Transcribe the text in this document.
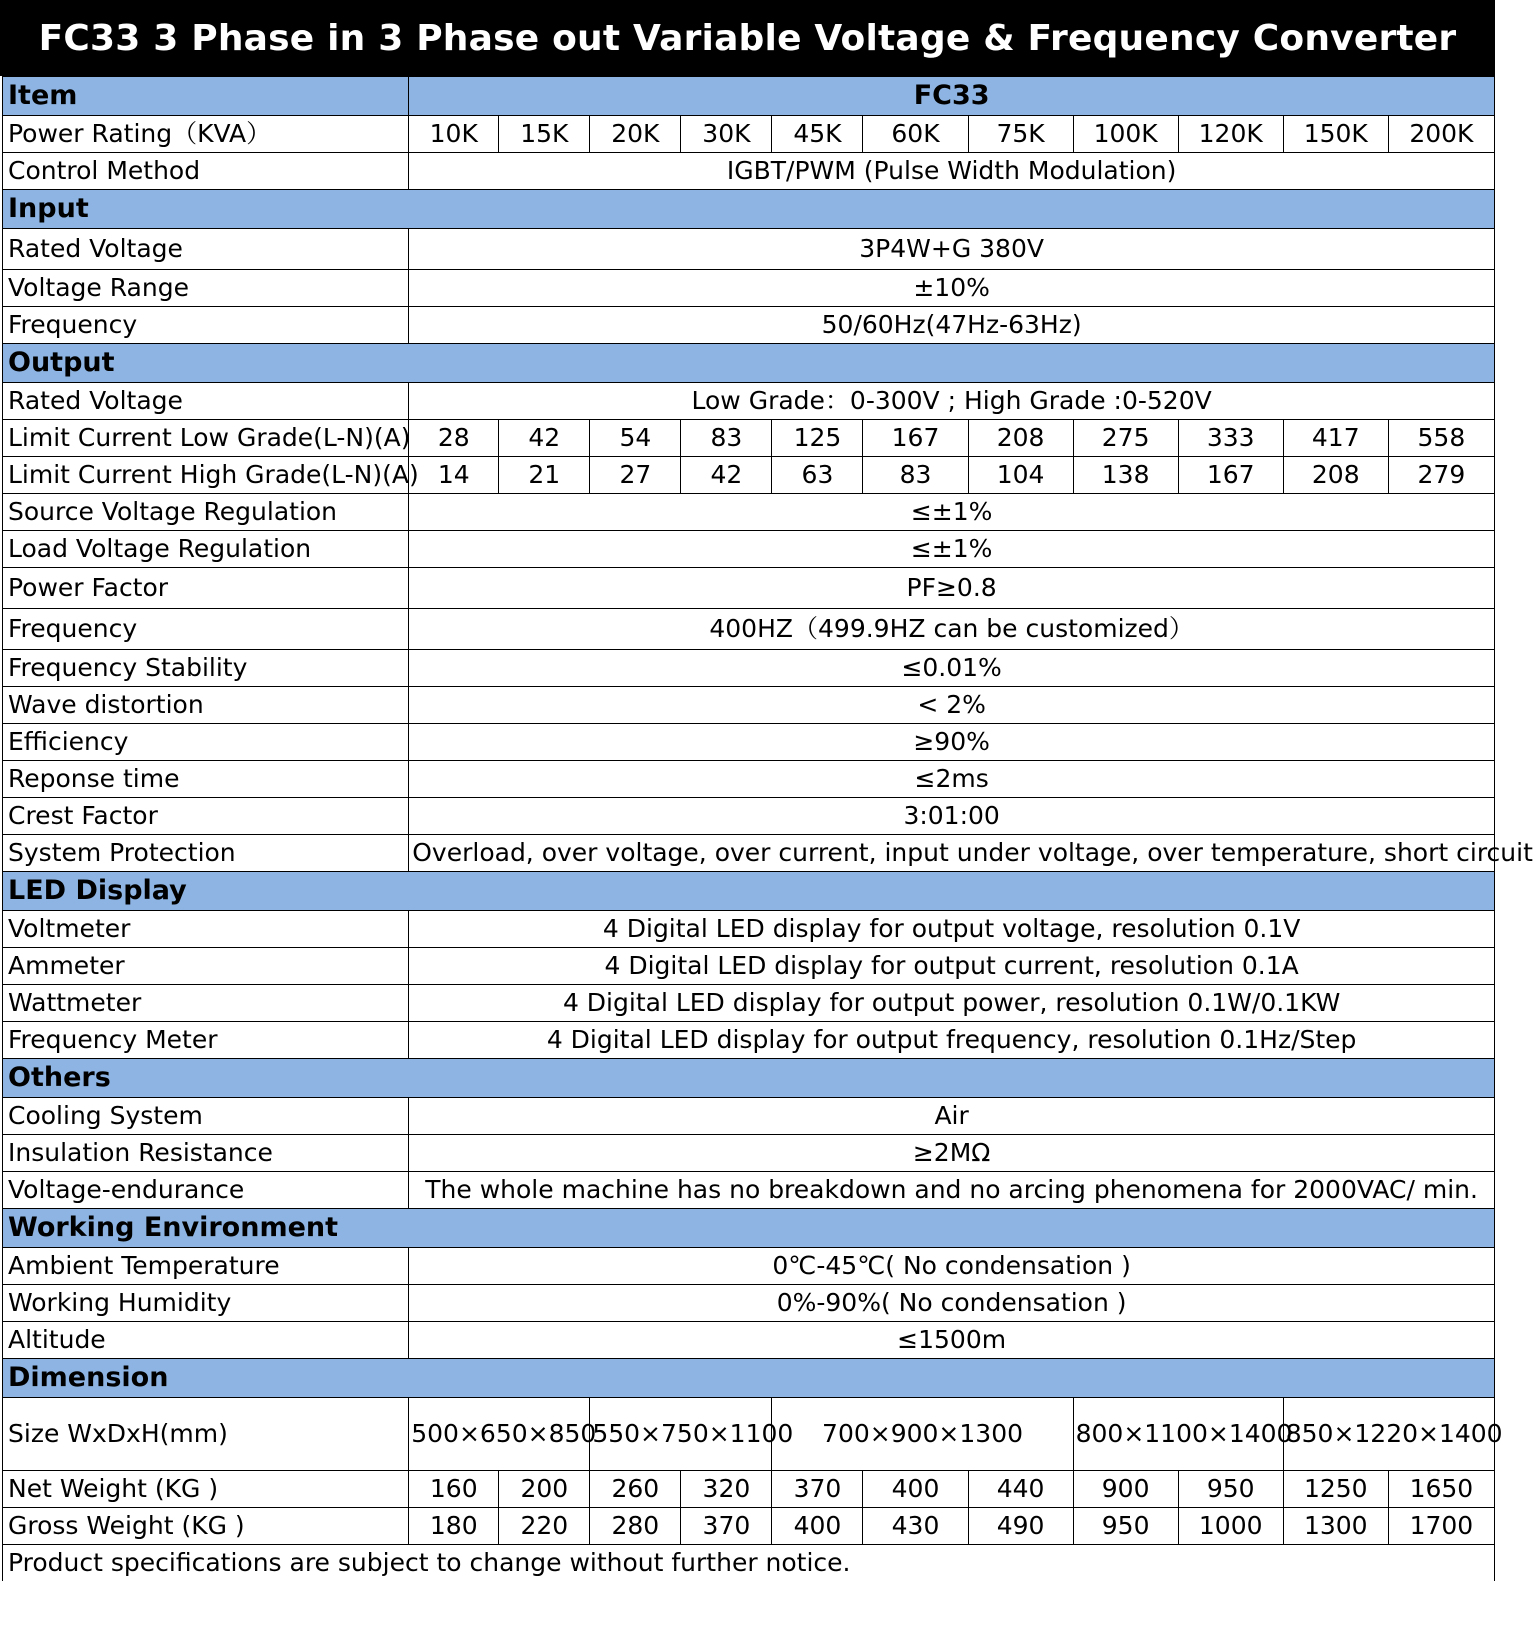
FC33 3 Phase in 3 Phase out Variable Voltage & Frequency Converter
Item	FC33										
Power Rating（KVA）	10K	15K	20K	30K	45K	60K	75K	100K	120K	150K	200K
Control Method	IGBT/PWM (Pulse Width Modulation)										
Input											
Rated Voltage	3P4W+G 380V										
Voltage Range	±10%										
Frequency	50/60Hz(47Hz-63Hz)										
Output											
Rated Voltage	Low Grade：0-300V ; High Grade :0-520V										
Limit Current Low Grade(L-N)(A)	28	42	54	83	125	167	208	275	333	417	558
Limit Current High Grade(L-N)(A)	14	21	27	42	63	83	104	138	167	208	279
Source Voltage Regulation	≤±1%										
Load Voltage Regulation	≤±1%										
Power Factor	PF≥0.8										
Frequency	400HZ（499.9HZ can be customized）										
Frequency Stability	≤0.01%										
Wave distortion	< 2%										
Efficiency	≥90%										
Reponse time	≤2ms										
Crest Factor	3:01:00										
System Protection	Overload, over voltage, over current, input under voltage, over temperature, short circuit										
LED Display											
Voltmeter	4 Digital LED display for output voltage, resolution 0.1V										
Ammeter	4 Digital LED display for output current, resolution 0.1A										
Wattmeter	4 Digital LED display for output power, resolution 0.1W/0.1KW										
Frequency Meter	4 Digital LED display for output frequency, resolution 0.1Hz/Step										
Others											
Cooling System	Air										
Insulation Resistance	≥2MΩ										
Voltage-endurance	The whole machine has no breakdown and no arcing phenomena for 2000VAC/ min.										
Working Environment											
Ambient Temperature	0℃-45℃( No condensation )										
Working Humidity	0%-90%( No condensation )										
Altitude	≤1500m										
Dimension											
Size WxDxH(mm)	500×650×850		550×750×1100		700×900×1300			800×1100×1400		850×1220×1400	
Net Weight (KG )	160	200	260	320	370	400	440	900	950	1250	1650
Gross Weight (KG )	180	220	280	370	400	430	490	950	1000	1300	1700
Product specifications are subject to change without further notice.											
